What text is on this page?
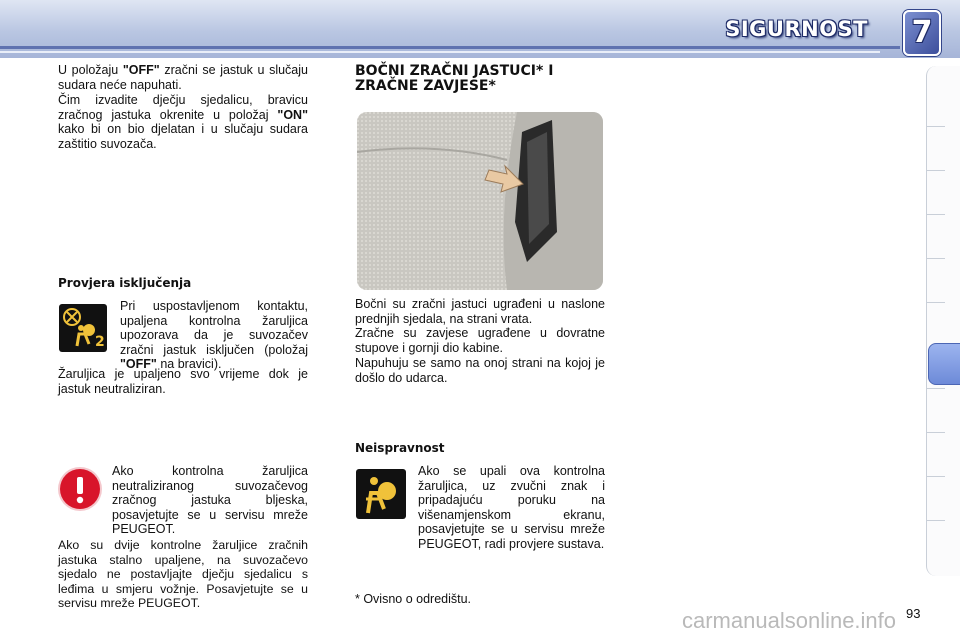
SIGURNOST 7
U položaju "OFF" zračni se jastuk u slučaju sudara neće napuhati.
Čim izvadite dječju sjedalicu, bravicu zračnog jastuka okrenite u položaj "ON" kako bi on bio djelatan i u slučaju sudara zaštitio suvozača.
Provjera isključenja
2
Pri uspostavljenom kontaktu, upaljena kontrolna žaruljica upozorava da je suvozačev zračni jastuk isključen (položaj "OFF" na bravici).
Žaruljica je upaljeno svo vrijeme dok je jastuk neutraliziran.
Ako kontrolna žaruljica neutraliziranog suvozačevog zračnog jastuka bljeska, posavjetujte se u servisu mreže PEUGEOT.
Ako su dvije kontrolne žaruljice zračnih jastuka stalno upaljene, na suvozačevo sjedalo ne postavljajte dječju sjedalicu s leđima u smjeru vožnje. Posavjetujte se u servisu mreže PEUGEOT.
BOČNI ZRAČNI JASTUCI* I ZRAČNE ZAVJESE*
Bočni su zračni jastuci ugrađeni u naslone prednjih sjedala, na strani vrata.
Zračne su zavjese ugrađene u dovratne stupove i gornji dio kabine.
Napuhuju se samo na onoj strani na kojoj je došlo do udarca.
Neispravnost
Ako se upali ova kontrolna žaruljica, uz zvučni znak i pripadajuću poruku na višenamjenskom ekranu, posavjetujte se u servisu mreže PEUGEOT, radi provjere sustava.
* Ovisno o odredištu.
carmanualsonline.info 93
